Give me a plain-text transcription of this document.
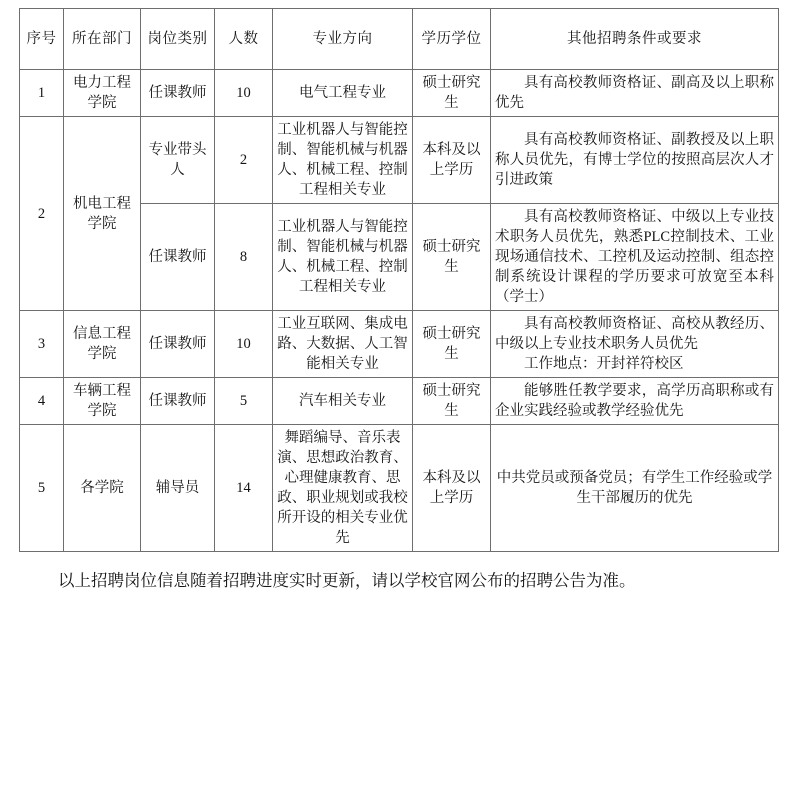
序号	所在部门	岗位类别	人数	专业方向	学历学位	其他招聘条件或要求
1	电力工程学院	任课教师	10	电气工程专业	硕士研究生	具有高校教师资格证、副高及以上职称优先
2	机电工程学院	专业带头人	2	工业机器人与智能控制、智能机械与机器人、机械工程、控制工程相关专业	本科及以上学历	具有高校教师资格证、副教授及以上职称人员优先，有博士学位的按照高层次人才引进政策
		任课教师	8	工业机器人与智能控制、智能机械与机器人、机械工程、控制工程相关专业	硕士研究生	具有高校教师资格证、中级以上专业技术职务人员优先，熟悉PLC控制技术、工业现场通信技术、工控机及运动控制、组态控制系统设计课程的学历要求可放宽至本科（学士）
3	信息工程学院	任课教师	10	工业互联网、集成电路、大数据、人工智能相关专业	硕士研究生	具有高校教师资格证、高校从教经历、中级以上专业技术职务人员优先
工作地点：开封祥符校区

4	车辆工程学院	任课教师	5	汽车相关专业	硕士研究生	能够胜任教学要求，高学历高职称或有企业实践经验或教学经验优先
5	各学院	辅导员	14	舞蹈编导、音乐表演、思想政治教育、心理健康教育、思政、职业规划或我校所开设的相关专业优先	本科及以上学历	中共党员或预备党员；有学生工作经验或学生干部履历的优先

以上招聘岗位信息随着招聘进度实时更新，请以学校官网公布的招聘公告为准。
